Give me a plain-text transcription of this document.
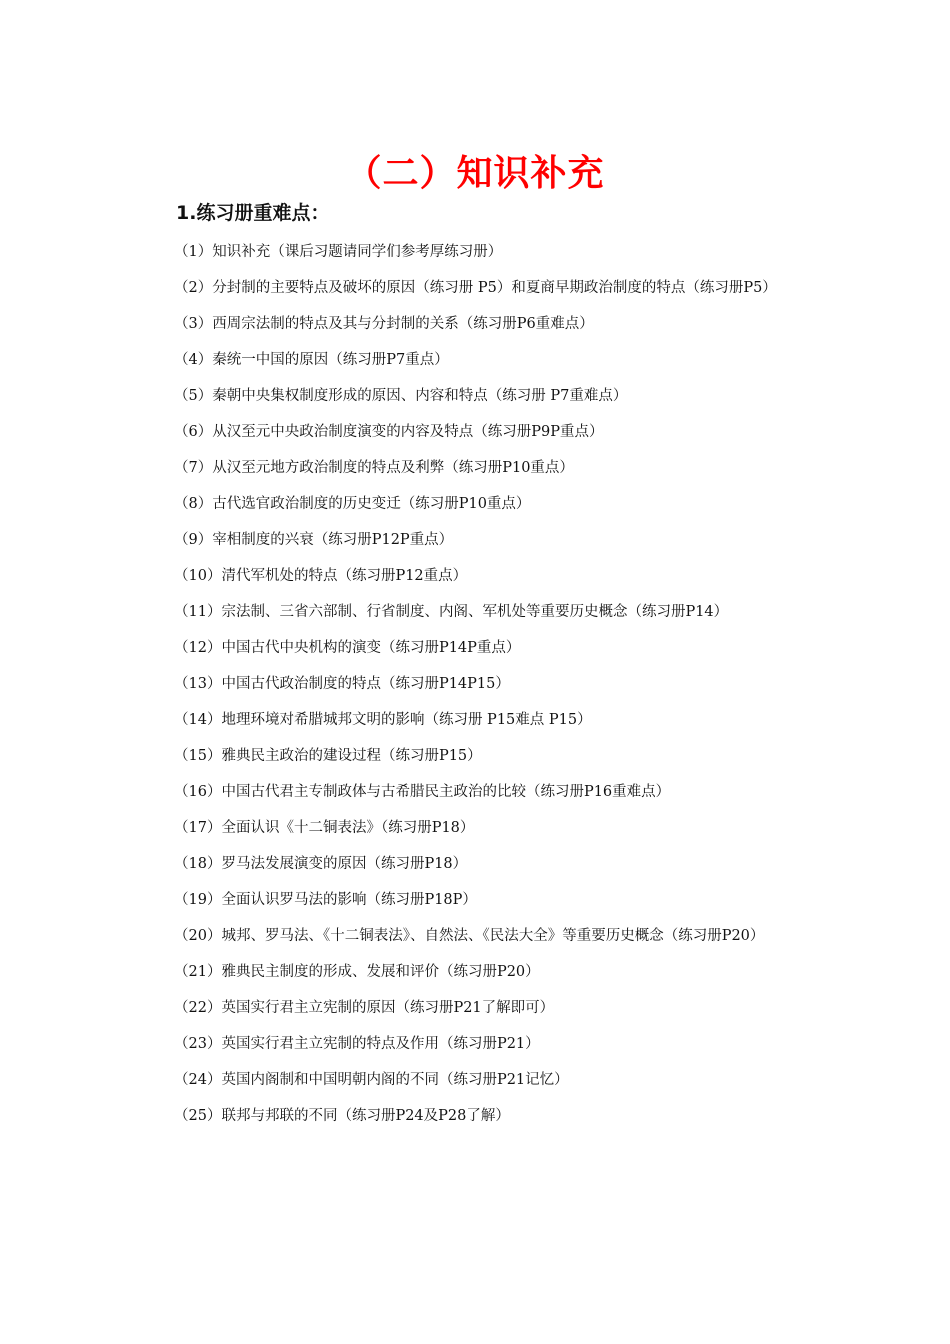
（二）知识补充
1.练习册重难点：

（1）知识补充（课后习题请同学们参考厚练习册）

（2）分封制的主要特点及破坏的原因（练习册 P5）和夏商早期政治制度的特点（练习册P5）

（3）西周宗法制的特点及其与分封制的关系（练习册P6重难点）

（4）秦统一中国的原因（练习册P7重点）

（5）秦朝中央集权制度形成的原因、内容和特点（练习册 P7重难点）

（6）从汉至元中央政治制度演变的内容及特点（练习册P9P重点）

（7）从汉至元地方政治制度的特点及利弊（练习册P10重点）

（8）古代选官政治制度的历史变迁（练习册P10重点）

（9）宰相制度的兴衰（练习册P12P重点）

（10）清代军机处的特点（练习册P12重点）

（11）宗法制、三省六部制、行省制度、内阁、军机处等重要历史概念（练习册P14）

（12）中国古代中央机构的演变（练习册P14P重点）

（13）中国古代政治制度的特点（练习册P14P15）

（14）地理环境对希腊城邦文明的影响（练习册 P15难点 P15）

（15）雅典民主政治的建设过程（练习册P15）

（16）中国古代君主专制政体与古希腊民主政治的比较（练习册P16重难点）

（17）全面认识《十二铜表法》（练习册P18）

（18）罗马法发展演变的原因（练习册P18）

（19）全面认识罗马法的影响（练习册P18P）

（20）城邦、罗马法、《十二铜表法》、自然法、《民法大全》等重要历史概念（练习册P20）

（21）雅典民主制度的形成、发展和评价（练习册P20）

（22）英国实行君主立宪制的原因（练习册P21了解即可）

（23）英国实行君主立宪制的特点及作用（练习册P21）

（24）英国内阁制和中国明朝内阁的不同（练习册P21记忆）

（25）联邦与邦联的不同（练习册P24及P28了解）
